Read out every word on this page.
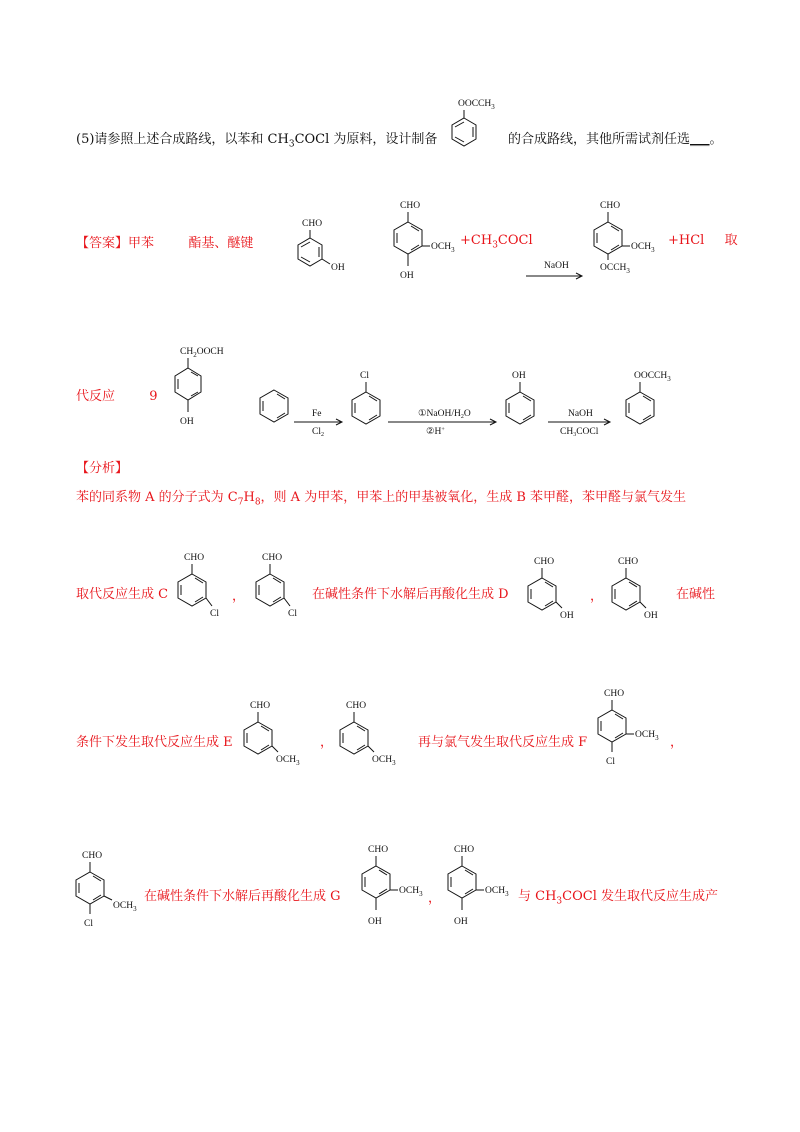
(5)请参照上述合成路线，以苯和 $CH_3COCl$ 为原料，设计制备
$OOCCH_3$
的合成路线，其他所需试剂任选___。
【答案】甲苯	酯基、醚键
CHO
OH
CHO
$OCH_3$
OH
$+CH_3COCl$
NaOH
CHO
$OCH_3$
$OCCH_3$
+HCl 取
代反应	9
$CH_2OOCH$
OH
Fe
$Cl_2$
Cl
①NaOH/$H_2O$
②H+
OH
NaOH
$CH_3COCl$
$OOCCH_3$
【分析】
苯的同系物 A 的分子式为 $C_7H_8$，则 A 为甲苯，甲苯上的甲基被氧化，生成 B 苯甲醛，苯甲醛与氯气发生
取代反应生成 C
CHO
Cl
，
CHO
Cl
在碱性条件下水解后再酸化生成 D
CHO
OH
，
CHO
OH
在碱性
条件下发生取代反应生成 E
CHO
$OCH_3$
，
CHO
$OCH_3$
再与氯气发生取代反应生成 F
CHO
$OCH_3$
Cl
，
CHO
$OCH_3$
Cl
在碱性条件下水解后再酸化生成 G
CHO
$OCH_3$
OH
，
CHO
$OCH_3$
OH
与 $CH_3COCl$ 发生取代反应生成产
